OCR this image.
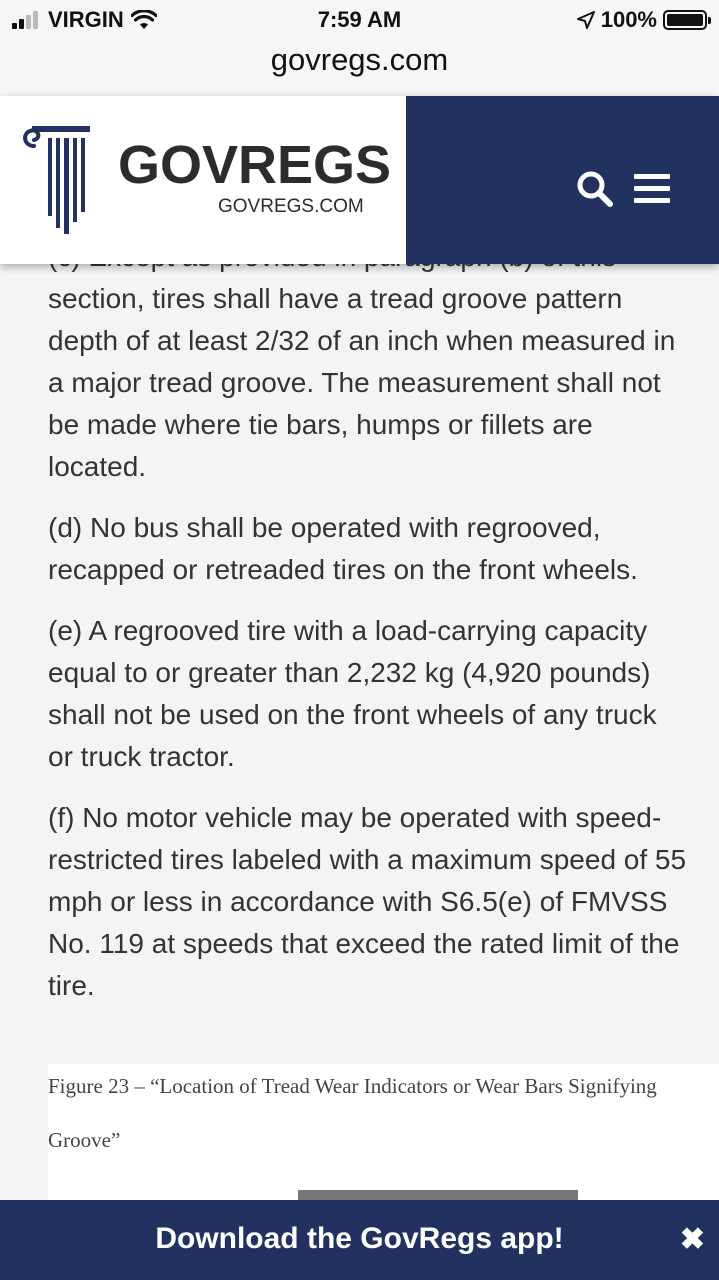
VIRGIN	7:59 AM	100%
govregs.com
GOVREGS
GOVREGS.COM

section, tires shall have a tread groove pattern depth of at least 2/32 of an inch when measured in a major tread groove. The measurement shall not be made where tie bars, humps or fillets are located.

(d) No bus shall be operated with regrooved, recapped or retreaded tires on the front wheels.

(e) A regrooved tire with a load-carrying capacity equal to or greater than 2,232 kg (4,920 pounds) shall not be used on the front wheels of any truck or truck tractor.

(f) No motor vehicle may be operated with speed-restricted tires labeled with a maximum speed of 55 mph or less in accordance with S6.5(e) of FMVSS No. 119 at speeds that exceed the rated limit of the tire.

Figure 23 – “Location of Tread Wear Indicators or Wear Bars Signifying

Groove”

Download the GovRegs app!	✖
